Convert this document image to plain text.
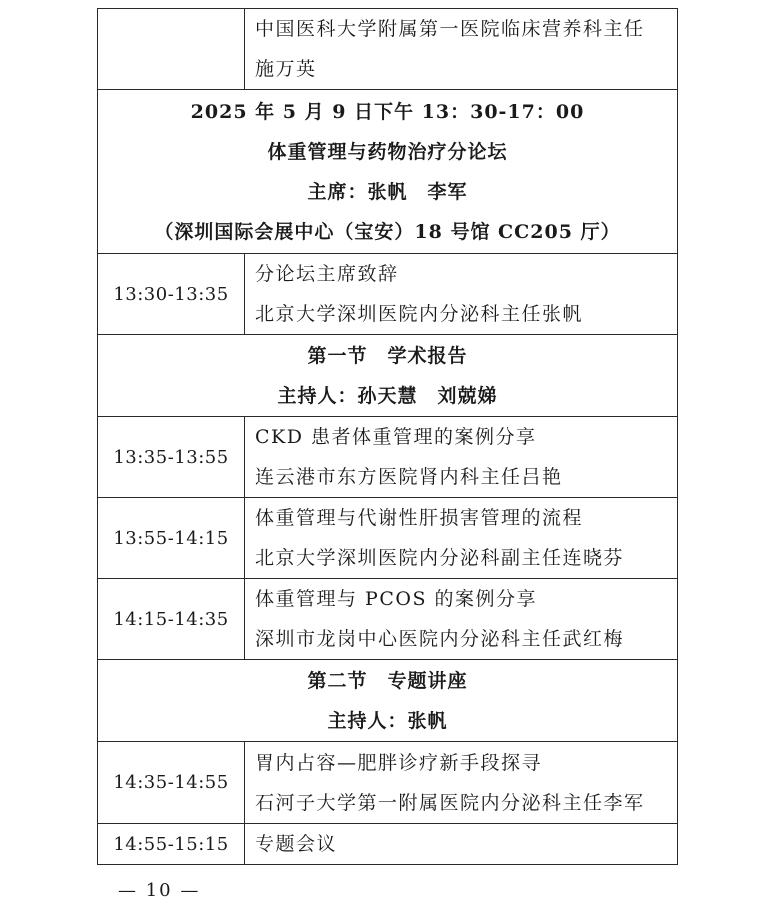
	中国医科大学附属第一医院临床营养科主任
施万英

2025 年 5 月 9 日下午 13：30-17：00
体重管理与药物治疗分论坛
主席：张帆　李军
（深圳国际会展中心（宝安）18 号馆 CC205 厅）	

13:30-13:35	分论坛主席致辞
北京大学深圳医院内分泌科主任张帆

第一节　学术报告
主持人：孙天慧　刘兢娣	

13:35-13:55	CKD 患者体重管理的案例分享
连云港市东方医院肾内科主任吕艳

13:55-14:15	体重管理与代谢性肝损害管理的流程
北京大学深圳医院内分泌科副主任连晓芬

14:15-14:35	体重管理与 PCOS 的案例分享
深圳市龙岗中心医院内分泌科主任武红梅

第二节　专题讲座
主持人：张帆	

14:35-14:55	胃内占容—肥胖诊疗新手段探寻
石河子大学第一附属医院内分泌科主任李军

14:55-15:15	专题会议
— 10 —
